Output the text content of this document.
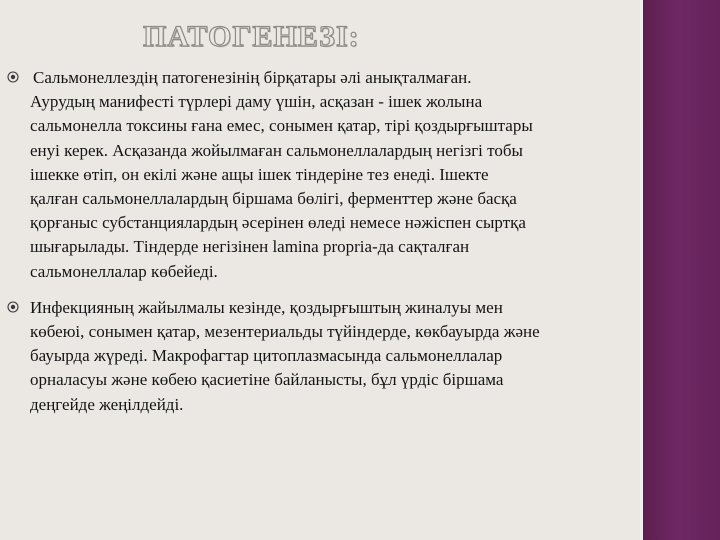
ПАТОГЕНЕЗІ:
Сальмонеллездің патогенезінің бірқатары әлі анықталмаған.
Аурудың манифесті түрлері даму үшін, асқазан - ішек жолына
сальмонелла токсины ғана емес, сонымен қатар, тірі қоздырғыштары
енуі керек. Асқазанда жойылмаған сальмонеллалардың негізгі тобы
ішекке өтіп, он екілі және ащы ішек тіндеріне тез енеді. Ішекте
қалған сальмонеллалардың біршама бөлігі, ферменттер және басқа
қорғаныс субстанциялардың әсерінен өледі немесе нәжіспен сыртқа
шығарылады. Тіндерде негізінен lamina propria-да сақталған
сальмонеллалар көбейеді.
Инфекцияның жайылмалы кезінде, қоздырғыштың жиналуы мен
көбеюі, сонымен қатар, мезентериальды түйіндерде, көкбауырда және
бауырда жүреді. Макрофагтар цитоплазмасында сальмонеллалар
орналасуы және көбею қасиетіне байланысты, бұл үрдіс біршама
деңгейде жеңілдейді.
